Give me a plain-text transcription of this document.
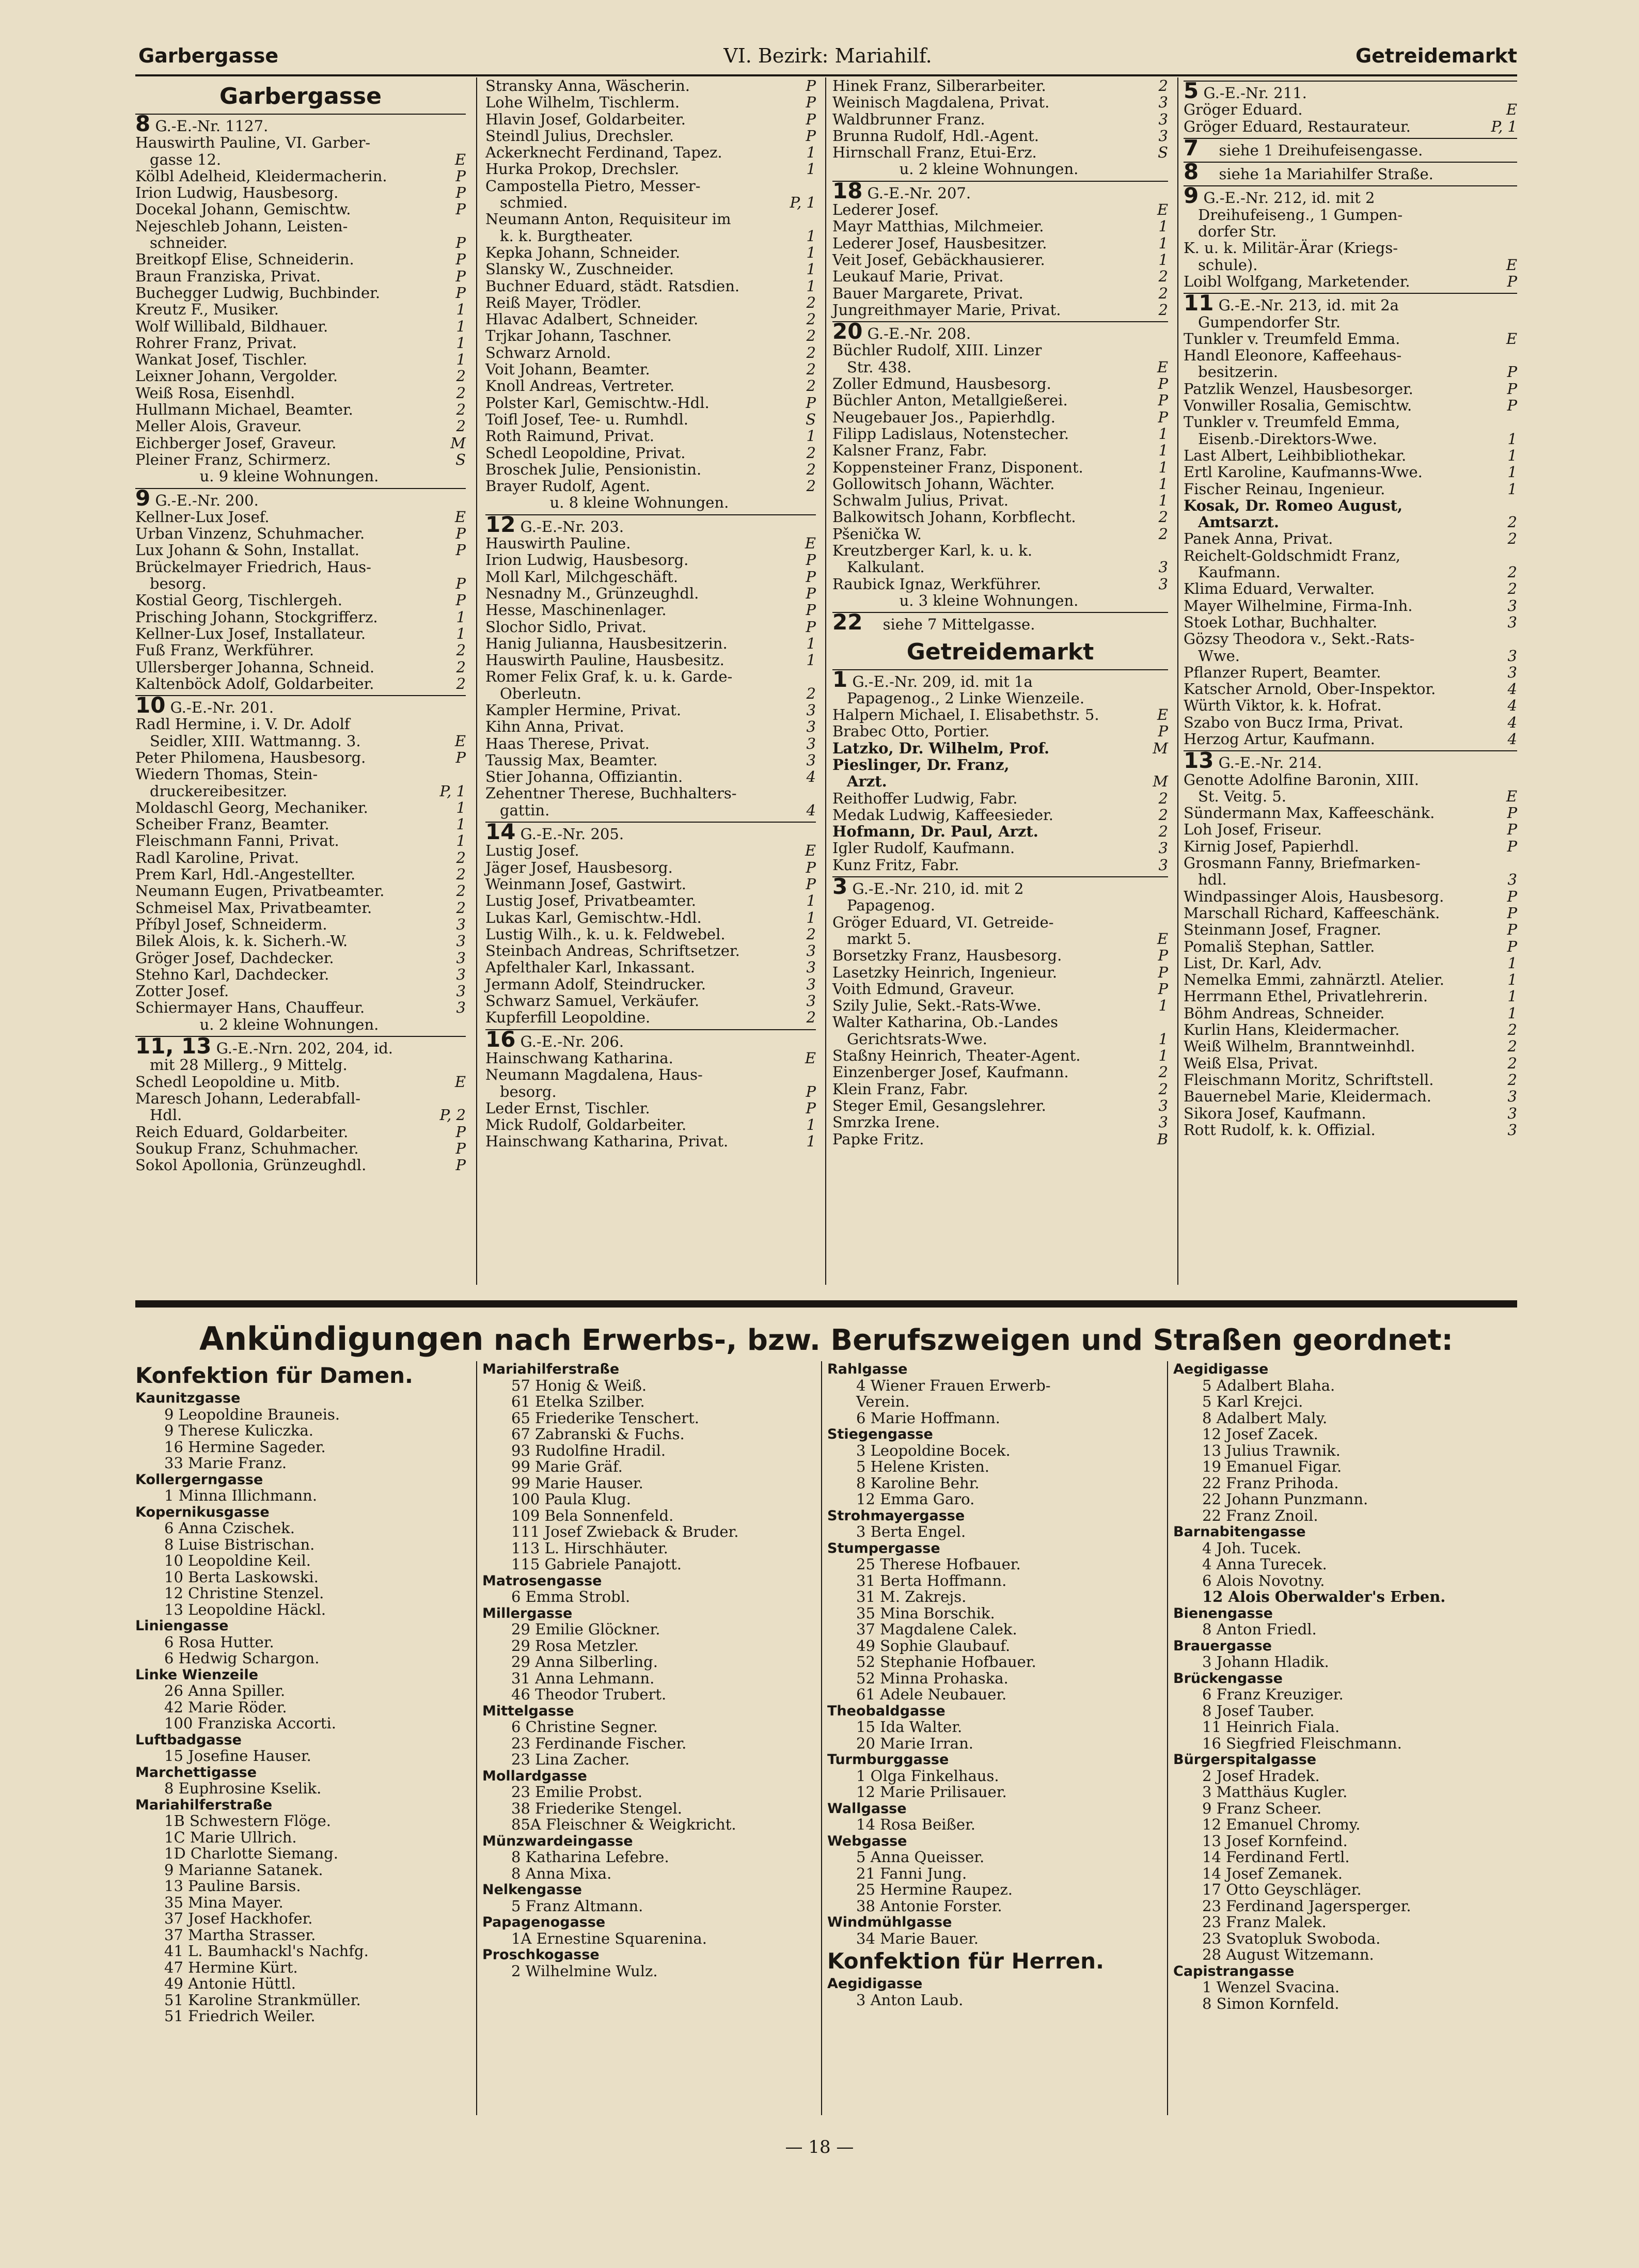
Garbergasse	VI. Bezirk: Mariahilf.	Getreidemarkt
Garbergasse
8 G.-E.-Nr. 1127.
Hauswirth Pauline, VI. Garber-
gasse 12.	E
Kölbl Adelheid, Kleidermacherin.	P
Irion Ludwig, Hausbesorg.	P
Docekal Johann, Gemischtw.	P
Nejeschleb Johann, Leisten-
schneider.	P
Breitkopf Elise, Schneiderin.	P
Braun Franziska, Privat.	P
Buchegger Ludwig, Buchbinder.	P
Kreutz F., Musiker.	1
Wolf Willibald, Bildhauer.	1
Rohrer Franz, Privat.	1
Wankat Josef, Tischler.	1
Leixner Johann, Vergolder.	2
Weiß Rosa, Eisenhdl.	2
Hullmann Michael, Beamter.	2
Meller Alois, Graveur.	2
Eichberger Josef, Graveur.	M
Pleiner Franz, Schirmerz.	S
u. 9 kleine Wohnungen.
9 G.-E.-Nr. 200.
Kellner-Lux Josef.	E
Urban Vinzenz, Schuhmacher.	P
Lux Johann & Sohn, Installat.	P
Brückelmayer Friedrich, Haus-
besorg.	P
Kostial Georg, Tischlergeh.	P
Prisching Johann, Stockgrifferz.	1
Kellner-Lux Josef, Installateur.	1
Fuß Franz, Werkführer.	2
Ullersberger Johanna, Schneid.	2
Kaltenböck Adolf, Goldarbeiter.	2
10 G.-E.-Nr. 201.
Radl Hermine, i. V. Dr. Adolf
Seidler, XIII. Wattmanng. 3.	E
Peter Philomena, Hausbesorg.	P
Wiedern Thomas, Stein-
druckereibesitzer.	P, 1
Moldaschl Georg, Mechaniker.	1
Scheiber Franz, Beamter.	1
Fleischmann Fanni, Privat.	1
Radl Karoline, Privat.	2
Prem Karl, Hdl.-Angestellter.	2
Neumann Eugen, Privatbeamter.	2
Schmeisel Max, Privatbeamter.	2
Příbyl Josef, Schneiderm.	3
Bilek Alois, k. k. Sicherh.-W.	3
Gröger Josef, Dachdecker.	3
Stehno Karl, Dachdecker.	3
Zotter Josef.	3
Schiermayer Hans, Chauffeur.	3
u. 2 kleine Wohnungen.
11, 13 G.-E.-Nrn. 202, 204, id.
mit 28 Millerg., 9 Mittelg.
Schedl Leopoldine u. Mitb.	E
Maresch Johann, Lederabfall-
Hdl.	P, 2
Reich Eduard, Goldarbeiter.	P
Soukup Franz, Schuhmacher.	P
Sokol Apollonia, Grünzeughdl.	P
Stransky Anna, Wäscherin.	P
Lohe Wilhelm, Tischlerm.	P
Hlavin Josef, Goldarbeiter.	P
Steindl Julius, Drechsler.	P
Ackerknecht Ferdinand, Tapez.	1
Hurka Prokop, Drechsler.	1
Campostella Pietro, Messer-
schmied.	P, 1
Neumann Anton, Requisiteur im
k. k. Burgtheater.	1
Kepka Johann, Schneider.	1
Slansky W., Zuschneider.	1
Buchner Eduard, städt. Ratsdien.	1
Reiß Mayer, Trödler.	2
Hlavac Adalbert, Schneider.	2
Trjkar Johann, Taschner.	2
Schwarz Arnold.	2
Voit Johann, Beamter.	2
Knoll Andreas, Vertreter.	2
Polster Karl, Gemischtw.-Hdl.	P
Toifl Josef, Tee- u. Rumhdl.	S
Roth Raimund, Privat.	1
Schedl Leopoldine, Privat.	2
Broschek Julie, Pensionistin.	2
Brayer Rudolf, Agent.	2
u. 8 kleine Wohnungen.
12 G.-E.-Nr. 203.
Hauswirth Pauline.	E
Irion Ludwig, Hausbesorg.	P
Moll Karl, Milchgeschäft.	P
Nesnadny M., Grünzeughdl.	P
Hesse, Maschinenlager.	P
Slochor Sidlo, Privat.	P
Hanig Julianna, Hausbesitzerin.	1
Hauswirth Pauline, Hausbesitz.	1
Romer Felix Graf, k. u. k. Garde-
Oberleutn.	2
Kampler Hermine, Privat.	3
Kihn Anna, Privat.	3
Haas Therese, Privat.	3
Taussig Max, Beamter.	3
Stier Johanna, Offiziantin.	4
Zehentner Therese, Buchhalters-
gattin.	4
14 G.-E.-Nr. 205.
Lustig Josef.	E
Jäger Josef, Hausbesorg.	P
Weinmann Josef, Gastwirt.	P
Lustig Josef, Privatbeamter.	1
Lukas Karl, Gemischtw.-Hdl.	1
Lustig Wilh., k. u. k. Feldwebel.	2
Steinbach Andreas, Schriftsetzer.	3
Apfelthaler Karl, Inkassant.	3
Jermann Adolf, Steindrucker.	3
Schwarz Samuel, Verkäufer.	3
Kupferfill Leopoldine.	2
16 G.-E.-Nr. 206.
Hainschwang Katharina.	E
Neumann Magdalena, Haus-
besorg.	P
Leder Ernst, Tischler.	P
Mick Rudolf, Goldarbeiter.	1
Hainschwang Katharina, Privat.	1
Hinek Franz, Silberarbeiter.	2
Weinisch Magdalena, Privat.	3
Waldbrunner Franz.	3
Brunna Rudolf, Hdl.-Agent.	3
Hirnschall Franz, Etui-Erz.	S
u. 2 kleine Wohnungen.
18 G.-E.-Nr. 207.
Lederer Josef.	E
Mayr Matthias, Milchmeier.	1
Lederer Josef, Hausbesitzer.	1
Veit Josef, Gebäckhausierer.	1
Leukauf Marie, Privat.	2
Bauer Margarete, Privat.	2
Jungreithmayer Marie, Privat.	2
20 G.-E.-Nr. 208.
Büchler Rudolf, XIII. Linzer
Str. 438.	E
Zoller Edmund, Hausbesorg.	P
Büchler Anton, Metallgießerei.	P
Neugebauer Jos., Papierhdlg.	P
Filipp Ladislaus, Notenstecher.	1
Kalsner Franz, Fabr.	1
Koppensteiner Franz, Disponent.	1
Gollowitsch Johann, Wächter.	1
Schwalm Julius, Privat.	1
Balkowitsch Johann, Korbflecht.	2
Pšenička W.	2
Kreutzberger Karl, k. u. k.
Kalkulant.	3
Raubick Ignaz, Werkführer.	3
u. 3 kleine Wohnungen.
22 siehe 7 Mittelgasse.
Getreidemarkt
1 G.-E.-Nr. 209, id. mit 1a
Papagenog., 2 Linke Wienzeile.
Halpern Michael, I. Elisabethstr. 5.	E
Brabec Otto, Portier.	P
Latzko, Dr. Wilhelm, Prof.	M
Pieslinger, Dr. Franz,
Arzt.	M
Reithoffer Ludwig, Fabr.	2
Medak Ludwig, Kaffeesieder.	2
Hofmann, Dr. Paul, Arzt.	2
Igler Rudolf, Kaufmann.	3
Kunz Fritz, Fabr.	3
3 G.-E.-Nr. 210, id. mit 2
Papagenog.
Gröger Eduard, VI. Getreide-
markt 5.	E
Borsetzky Franz, Hausbesorg.	P
Lasetzky Heinrich, Ingenieur.	P
Voith Edmund, Graveur.	P
Szily Julie, Sekt.-Rats-Wwe.	1
Walter Katharina, Ob.-Landes
Gerichtsrats-Wwe.	1
Staßny Heinrich, Theater-Agent.	1
Einzenberger Josef, Kaufmann.	2
Klein Franz, Fabr.	2
Steger Emil, Gesangslehrer.	3
Smrzka Irene.	3
Papke Fritz.	B
5 G.-E.-Nr. 211.
Gröger Eduard.	E
Gröger Eduard, Restaurateur.	P, 1
7 siehe 1 Dreihufeisengasse.
8 siehe 1a Mariahilfer Straße.
9 G.-E.-Nr. 212, id. mit 2
Dreihufeiseng., 1 Gumpen-
dorfer Str.
K. u. k. Militär-Ärar (Kriegs-
schule).	E
Loibl Wolfgang, Marketender.	P
11 G.-E.-Nr. 213, id. mit 2a
Gumpendorfer Str.
Tunkler v. Treumfeld Emma.	E
Handl Eleonore, Kaffeehaus-
besitzerin.	P
Patzlik Wenzel, Hausbesorger.	P
Vonwiller Rosalia, Gemischtw.	P
Tunkler v. Treumfeld Emma,
Eisenb.-Direktors-Wwe.	1
Last Albert, Leihbibliothekar.	1
Ertl Karoline, Kaufmanns-Wwe.	1
Fischer Reinau, Ingenieur.	1
Kosak, Dr. Romeo August,
Amtsarzt.	2
Panek Anna, Privat.	2
Reichelt-Goldschmidt Franz,
Kaufmann.	2
Klima Eduard, Verwalter.	2
Mayer Wilhelmine, Firma-Inh.	3
Stoek Lothar, Buchhalter.	3
Gözsy Theodora v., Sekt.-Rats-
Wwe.	3
Pflanzer Rupert, Beamter.	3
Katscher Arnold, Ober-Inspektor.	4
Würth Viktor, k. k. Hofrat.	4
Szabo von Bucz Irma, Privat.	4
Herzog Artur, Kaufmann.	4
13 G.-E.-Nr. 214.
Genotte Adolfine Baronin, XIII.
St. Veitg. 5.	E
Sündermann Max, Kaffeeschänk.	P
Loh Josef, Friseur.	P
Kirnig Josef, Papierhdl.	P
Grosmann Fanny, Briefmarken-
hdl.	3
Windpassinger Alois, Hausbesorg.	P
Marschall Richard, Kaffeeschänk.	P
Steinmann Josef, Fragner.	P
Pomališ Stephan, Sattler.	P
List, Dr. Karl, Adv.	1
Nemelka Emmi, zahnärztl. Atelier.	1
Herrmann Ethel, Privatlehrerin.	1
Böhm Andreas, Schneider.	1
Kurlin Hans, Kleidermacher.	2
Weiß Wilhelm, Branntweinhdl.	2
Weiß Elsa, Privat.	2
Fleischmann Moritz, Schriftstell.	2
Bauernebel Marie, Kleidermach.	3
Sikora Josef, Kaufmann.	3
Rott Rudolf, k. k. Offizial.	3
Ankündigungen nach Erwerbs-, bzw. Berufszweigen und Straßen geordnet:
Konfektion für Damen.
Kaunitzgasse
9 Leopoldine Brauneis.
9 Therese Kuliczka.
16 Hermine Sageder.
33 Marie Franz.
Kollergerngasse
1 Minna Illichmann.
Kopernikusgasse
6 Anna Czischek.
8 Luise Bistrischan.
10 Leopoldine Keil.
10 Berta Laskowski.
12 Christine Stenzel.
13 Leopoldine Häckl.
Liniengasse
6 Rosa Hutter.
6 Hedwig Schargon.
Linke Wienzeile
26 Anna Spiller.
42 Marie Röder.
100 Franziska Accorti.
Luftbadgasse
15 Josefine Hauser.
Marchettigasse
8 Euphrosine Kselik.
Mariahilferstraße
1B Schwestern Flöge.
1C Marie Ullrich.
1D Charlotte Siemang.
9 Marianne Satanek.
13 Pauline Barsis.
35 Mina Mayer.
37 Josef Hackhofer.
37 Martha Strasser.
41 L. Baumhackl's Nachfg.
47 Hermine Kürt.
49 Antonie Hüttl.
51 Karoline Strankmüller.
51 Friedrich Weiler.
Mariahilferstraße
57 Honig & Weiß.
61 Etelka Szilber.
65 Friederike Tenschert.
67 Zabranski & Fuchs.
93 Rudolfine Hradil.
99 Marie Gräf.
99 Marie Hauser.
100 Paula Klug.
109 Bela Sonnenfeld.
111 Josef Zwieback & Bruder.
113 L. Hirschhäuter.
115 Gabriele Panajott.
Matrosengasse
6 Emma Strobl.
Millergasse
29 Emilie Glöckner.
29 Rosa Metzler.
29 Anna Silberling.
31 Anna Lehmann.
46 Theodor Trubert.
Mittelgasse
6 Christine Segner.
23 Ferdinande Fischer.
23 Lina Zacher.
Mollardgasse
23 Emilie Probst.
38 Friederike Stengel.
85A Fleischner & Weigkricht.
Münzwardeingasse
8 Katharina Lefebre.
8 Anna Mixa.
Nelkengasse
5 Franz Altmann.
Papagenogasse
1A Ernestine Squarenina.
Proschkogasse
2 Wilhelmine Wulz.
Rahlgasse
4 Wiener Frauen Erwerb-
Verein.
6 Marie Hoffmann.
Stiegengasse
3 Leopoldine Bocek.
5 Helene Kristen.
8 Karoline Behr.
12 Emma Garo.
Strohmayergasse
3 Berta Engel.
Stumpergasse
25 Therese Hofbauer.
31 Berta Hoffmann.
31 M. Zakrejs.
35 Mina Borschik.
37 Magdalene Calek.
49 Sophie Glaubauf.
52 Stephanie Hofbauer.
52 Minna Prohaska.
61 Adele Neubauer.
Theobaldgasse
15 Ida Walter.
20 Marie Irran.
Turmburggasse
1 Olga Finkelhaus.
12 Marie Prilisauer.
Wallgasse
14 Rosa Beißer.
Webgasse
5 Anna Queisser.
21 Fanni Jung.
25 Hermine Raupez.
38 Antonie Forster.
Windmühlgasse
34 Marie Bauer.
Konfektion für Herren.
Aegidigasse
3 Anton Laub.
Aegidigasse
5 Adalbert Blaha.
5 Karl Krejci.
8 Adalbert Maly.
12 Josef Zacek.
13 Julius Trawnik.
19 Emanuel Figar.
22 Franz Prihoda.
22 Johann Punzmann.
22 Franz Znoil.
Barnabitengasse
4 Joh. Tucek.
4 Anna Turecek.
6 Alois Novotny.
12 Alois Oberwalder's Erben.
Bienengasse
8 Anton Friedl.
Brauergasse
3 Johann Hladik.
Brückengasse
6 Franz Kreuziger.
8 Josef Tauber.
11 Heinrich Fiala.
16 Siegfried Fleischmann.
Bürgerspitalgasse
2 Josef Hradek.
3 Matthäus Kugler.
9 Franz Scheer.
12 Emanuel Chromy.
13 Josef Kornfeind.
14 Ferdinand Fertl.
14 Josef Zemanek.
17 Otto Geyschläger.
23 Ferdinand Jagersperger.
23 Franz Malek.
23 Svatopluk Swoboda.
28 August Witzemann.
Capistrangasse
1 Wenzel Svacina.
8 Simon Kornfeld.
— 18 —
